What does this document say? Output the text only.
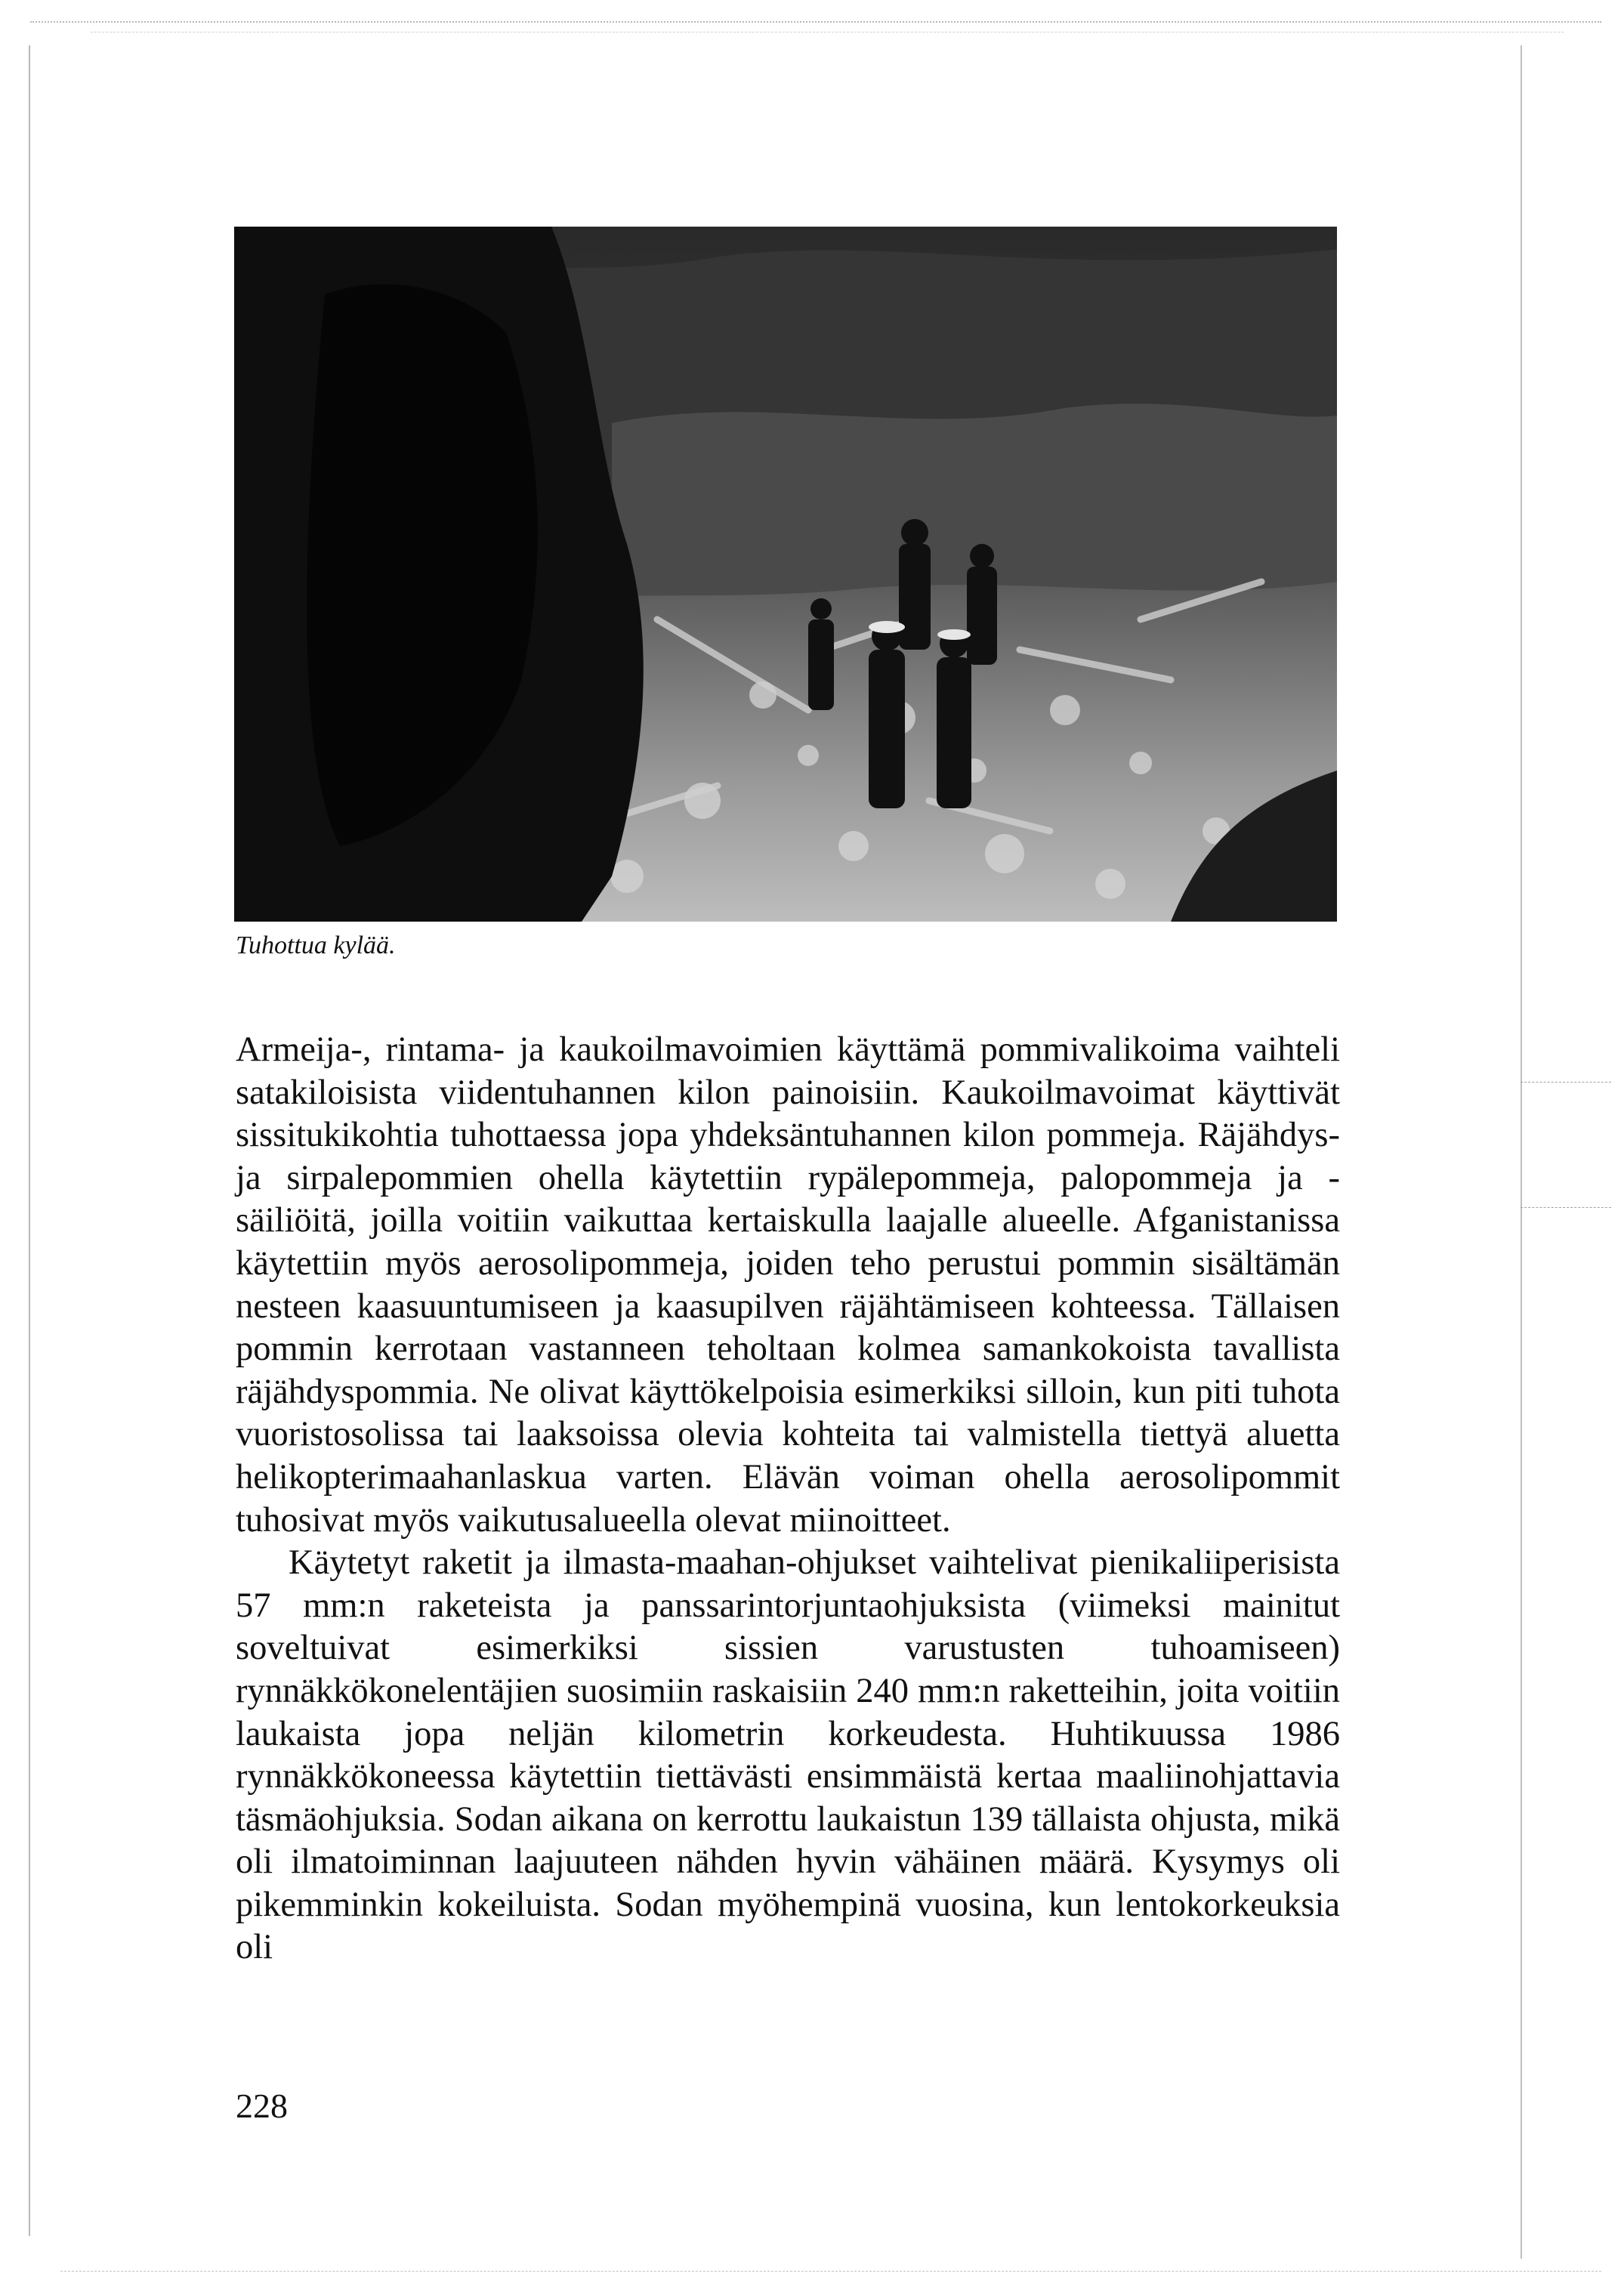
Tuhottua kylää.

Armeija-, rintama- ja kaukoilmavoimien käyttämä pommivalikoima vaihteli satakiloisista viidentuhannen kilon painoisiin. Kaukoilmavoimat käyttivät sissitukikohtia tuhottaessa jopa yhdeksäntuhannen kilon pommeja. Räjähdys- ja sirpalepommien ohella käytettiin rypälepommeja, palopommeja ja -säiliöitä, joilla voitiin vaikuttaa kertaiskulla laajalle alueelle. Afganistanissa käytettiin myös aerosolipommeja, joiden teho perustui pommin sisältämän nesteen kaasuuntumiseen ja kaasupilven räjähtämiseen kohteessa. Tällaisen pommin kerrotaan vastanneen teholtaan kolmea samankokoista tavallista räjähdyspommia. Ne olivat käyttökelpoisia esimerkiksi silloin, kun piti tuhota vuoristosolissa tai laaksoissa olevia kohteita tai valmistella tiettyä aluetta helikopterimaahanlaskua varten. Elävän voiman ohella aerosolipommit tuhosivat myös vaikutusalueella olevat miinoitteet.

Käytetyt raketit ja ilmasta-maahan-ohjukset vaihtelivat pienikaliiperisista 57 mm:n raketeista ja panssarintorjuntaohjuksista (viimeksi mainitut soveltuivat esimerkiksi sissien varustusten tuhoamiseen) rynnäkkökonelentäjien suosimiin raskaisiin 240 mm:n raketteihin, joita voitiin laukaista jopa neljän kilometrin korkeudesta. Huhtikuussa 1986 rynnäkkökoneessa käytettiin tiettävästi ensimmäistä kertaa maaliinohjattavia täsmäohjuksia. Sodan aikana on kerrottu laukaistun 139 tällaista ohjusta, mikä oli ilmatoiminnan laajuuteen nähden hyvin vähäinen määrä. Kysymys oli pikemminkin kokeiluista. Sodan myöhempinä vuosina, kun lentokorkeuksia oli

228
